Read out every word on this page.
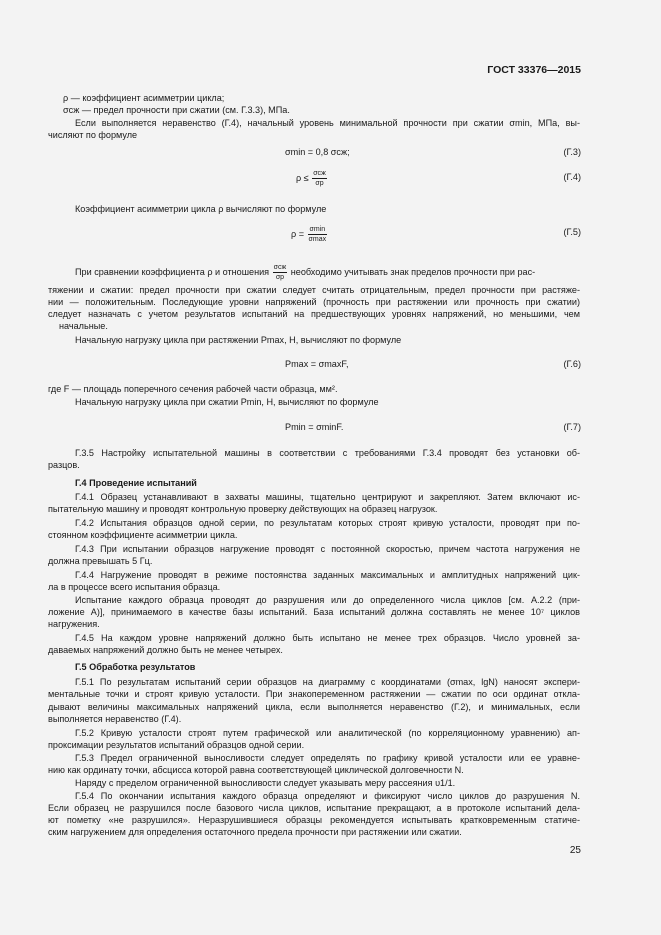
ГОСТ 33376—2015
ρ — коэффициент асимметрии цикла;
σсж — предел прочности при сжатии (см. Г.3.3), МПа.
Если выполняется неравенство (Г.4), начальный уровень минимальной прочности при сжатии σmin, МПа, вы-
числяют по формуле
σmin = 0,8 σсж;	(Г.3)
$\rho \le \frac{\text{σсж}}{\sigma р}$	(Г.4)
Коэффициент асимметрии цикла ρ вычисляют по формуле
$\rho = \frac{\sigma\min}{\sigma\max}$	(Г.5)
При сравнении коэффициента ρ и отношения $\frac{\text{σсж}}{\sigma р}$ необходимо учитывать знак пределов прочности при рас-
тяжении и сжатии: предел прочности при сжатии следует считать отрицательным, предел прочности при растяже-
нии — положительным. Последующие уровни напряжений (прочность при растяжении или прочность при сжатии)
следует назначать с учетом результатов испытаний на предшествующих уровнях напряжений, но меньшими, чем
начальные.
Начальную нагрузку цикла при растяжении Pmax, Н, вычисляют по формуле
Pmax = σmaxF,	(Г.6)
где F — площадь поперечного сечения рабочей части образца, мм².
Начальную нагрузку цикла при сжатии Pmin, Н, вычисляют по формуле
Pmin = σminF.	(Г.7)
Г.3.5 Настройку испытательной машины в соответствии с требованиями Г.3.4 проводят без установки об-
разцов.
Г.4 Проведение испытаний
Г.4.1 Образец устанавливают в захваты машины, тщательно центрируют и закрепляют. Затем включают ис-
пытательную машину и проводят контрольную проверку действующих на образец нагрузок.
Г.4.2 Испытания образцов одной серии, по результатам которых строят кривую усталости, проводят при по-
стоянном коэффициенте асимметрии цикла.
Г.4.3 При испытании образцов нагружение проводят с постоянной скоростью, причем частота нагружения не
должна превышать 5 Гц.
Г.4.4 Нагружение проводят в режиме постоянства заданных максимальных и амплитудных напряжений цик-
ла в процессе всего испытания образца.
Испытание каждого образца проводят до разрушения или до определенного числа циклов [см. А.2.2 (при-
ложение А)], принимаемого в качестве базы испытаний. База испытаний должна составлять не менее 10⁷ циклов
нагружения.
Г.4.5 На каждом уровне напряжений должно быть испытано не менее трех образцов. Число уровней за-
даваемых напряжений должно быть не менее четырех.
Г.5 Обработка результатов
Г.5.1 По результатам испытаний серии образцов на диаграмму с координатами (σmax, lgN) наносят экспери-
ментальные точки и строят кривую усталости. При знакопеременном растяжении — сжатии по оси ординат откла-
дывают величины максимальных напряжений цикла, если выполняется неравенство (Г.2), и минимальных, если
выполняется неравенство (Г.4).
Г.5.2 Кривую усталости строят путем графической или аналитической (по корреляционному уравнению) ап-
проксимации результатов испытаний образцов одной серии.
Г.5.3 Предел ограниченной выносливости следует определять по графику кривой усталости или ее уравне-
нию как ординату точки, абсцисса которой равна соответствующей циклической долговечности N.
Наряду с пределом ограниченной выносливости следует указывать меру рассеяния υ1/1.
Г.5.4 По окончании испытания каждого образца определяют и фиксируют число циклов до разрушения N.
Если образец не разрушился после базового числа циклов, испытание прекращают, а в протоколе испытаний дела-
ют пометку «не разрушился». Неразрушившиеся образцы рекомендуется испытывать кратковременным статиче-
ским нагружением для определения остаточного предела прочности при растяжении или сжатии.
25
